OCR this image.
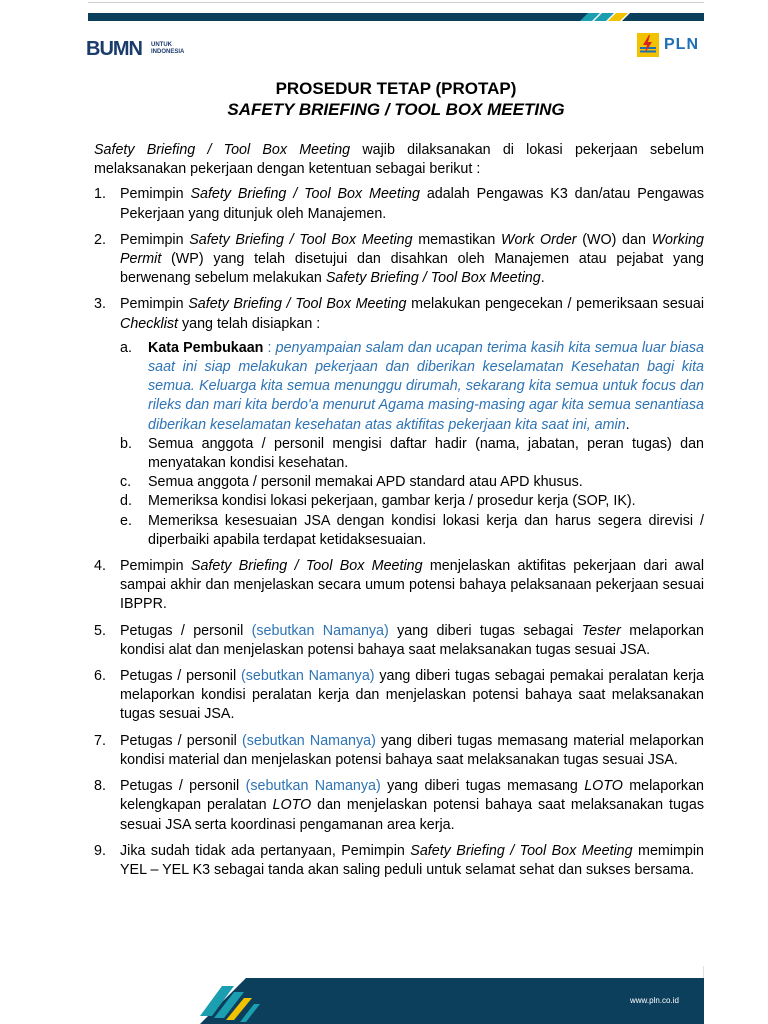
BUMN UNTUK
INDONESIA	PLN
PROSEDUR TETAP (PROTAP)
SAFETY BRIEFING / TOOL BOX MEETING

Safety Briefing / Tool Box Meeting wajib dilaksanakan di lokasi pekerjaan sebelum melaksanakan pekerjaan dengan ketentuan sebagai berikut :

1. Pemimpin Safety Briefing / Tool Box Meeting adalah Pengawas K3 dan/atau Pengawas Pekerjaan yang ditunjuk oleh Manajemen.
2. Pemimpin Safety Briefing / Tool Box Meeting memastikan Work Order (WO) dan Working Permit (WP) yang telah disetujui dan disahkan oleh Manajemen atau pejabat yang berwenang sebelum melakukan Safety Briefing / Tool Box Meeting.
3. Pemimpin Safety Briefing / Tool Box Meeting melakukan pengecekan / pemeriksaan sesuai Checklist yang telah disiapkan :
a. Kata Pembukaan : penyampaian salam dan ucapan terima kasih kita semua luar biasa saat ini siap melakukan pekerjaan dan diberikan keselamatan Kesehatan bagi kita semua. Keluarga kita semua menunggu dirumah, sekarang kita semua untuk focus dan rileks dan mari kita berdo'a menurut Agama masing-masing agar kita semua senantiasa diberikan keselamatan kesehatan atas aktifitas pekerjaan kita saat ini, amin.
b. Semua anggota / personil mengisi daftar hadir (nama, jabatan, peran tugas) dan menyatakan kondisi kesehatan.
c. Semua anggota / personil memakai APD standard atau APD khusus.
d. Memeriksa kondisi lokasi pekerjaan, gambar kerja / prosedur kerja (SOP, IK).
e. Memeriksa kesesuaian JSA dengan kondisi lokasi kerja dan harus segera direvisi / diperbaiki apabila terdapat ketidaksesuaian.
4. Pemimpin Safety Briefing / Tool Box Meeting menjelaskan aktifitas pekerjaan dari awal sampai akhir dan menjelaskan secara umum potensi bahaya pelaksanaan pekerjaan sesuai IBPPR.
5. Petugas / personil (sebutkan Namanya) yang diberi tugas sebagai Tester melaporkan kondisi alat dan menjelaskan potensi bahaya saat melaksanakan tugas sesuai JSA.
6. Petugas / personil (sebutkan Namanya) yang diberi tugas sebagai pemakai peralatan kerja melaporkan kondisi peralatan kerja dan menjelaskan potensi bahaya saat melaksanakan tugas sesuai JSA.
7. Petugas / personil (sebutkan Namanya) yang diberi tugas memasang material melaporkan kondisi material dan menjelaskan potensi bahaya saat melaksanakan tugas sesuai JSA.
8. Petugas / personil (sebutkan Namanya) yang diberi tugas memasang LOTO melaporkan kelengkapan peralatan LOTO dan menjelaskan potensi bahaya saat melaksanakan tugas sesuai JSA serta koordinasi pengamanan area kerja.
9. Jika sudah tidak ada pertanyaan, Pemimpin Safety Briefing / Tool Box Meeting memimpin YEL – YEL K3 sebagai tanda akan saling peduli untuk selamat sehat dan sukses bersama.
www.pln.co.id
